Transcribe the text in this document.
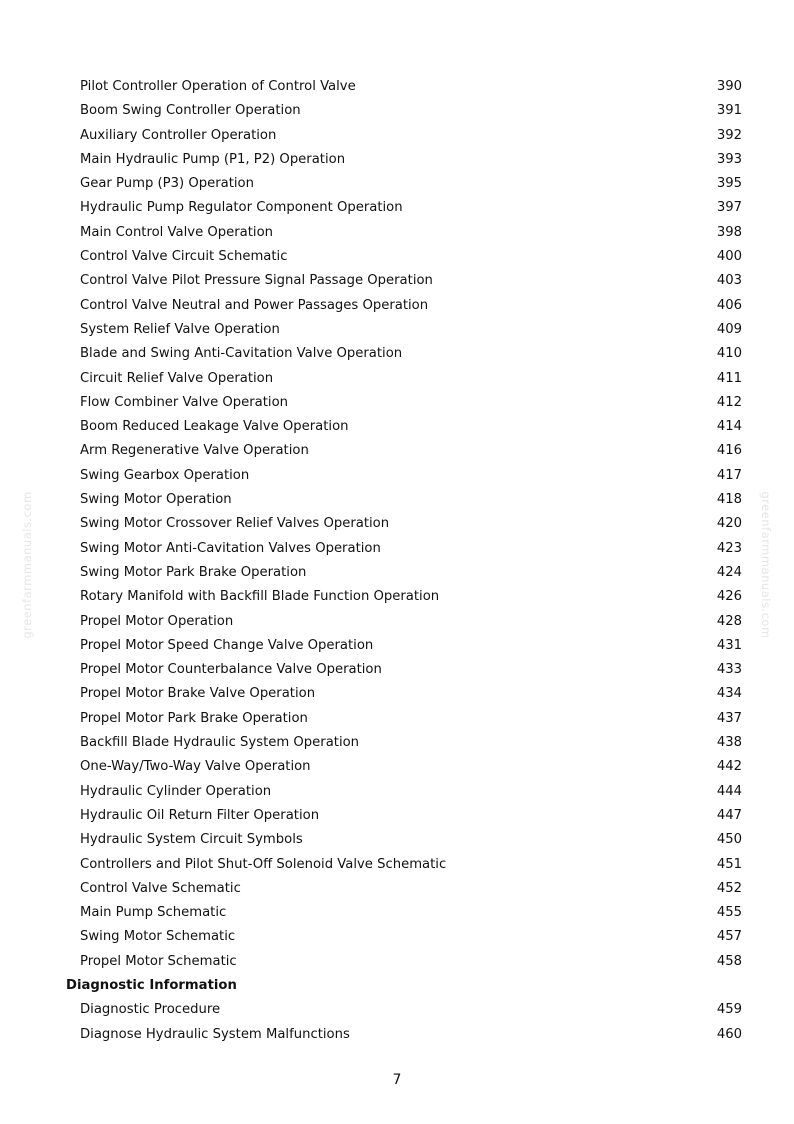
greenfarmmanuals.com	greenfarmmanuals.com
Pilot Controller Operation of Control Valve	390
Boom Swing Controller Operation	391
Auxiliary Controller Operation	392
Main Hydraulic Pump (P1, P2) Operation	393
Gear Pump (P3) Operation	395
Hydraulic Pump Regulator Component Operation	397
Main Control Valve Operation	398
Control Valve Circuit Schematic	400
Control Valve Pilot Pressure Signal Passage Operation	403
Control Valve Neutral and Power Passages Operation	406
System Relief Valve Operation	409
Blade and Swing Anti-Cavitation Valve Operation	410
Circuit Relief Valve Operation	411
Flow Combiner Valve Operation	412
Boom Reduced Leakage Valve Operation	414
Arm Regenerative Valve Operation	416
Swing Gearbox Operation	417
Swing Motor Operation	418
Swing Motor Crossover Relief Valves Operation	420
Swing Motor Anti-Cavitation Valves Operation	423
Swing Motor Park Brake Operation	424
Rotary Manifold with Backfill Blade Function Operation	426
Propel Motor Operation	428
Propel Motor Speed Change Valve Operation	431
Propel Motor Counterbalance Valve Operation	433
Propel Motor Brake Valve Operation	434
Propel Motor Park Brake Operation	437
Backfill Blade Hydraulic System Operation	438
One-Way/Two-Way Valve Operation	442
Hydraulic Cylinder Operation	444
Hydraulic Oil Return Filter Operation	447
Hydraulic System Circuit Symbols	450
Controllers and Pilot Shut-Off Solenoid Valve Schematic	451
Control Valve Schematic	452
Main Pump Schematic	455
Swing Motor Schematic	457
Propel Motor Schematic	458
Diagnostic Information
Diagnostic Procedure	459
Diagnose Hydraulic System Malfunctions	460
7
